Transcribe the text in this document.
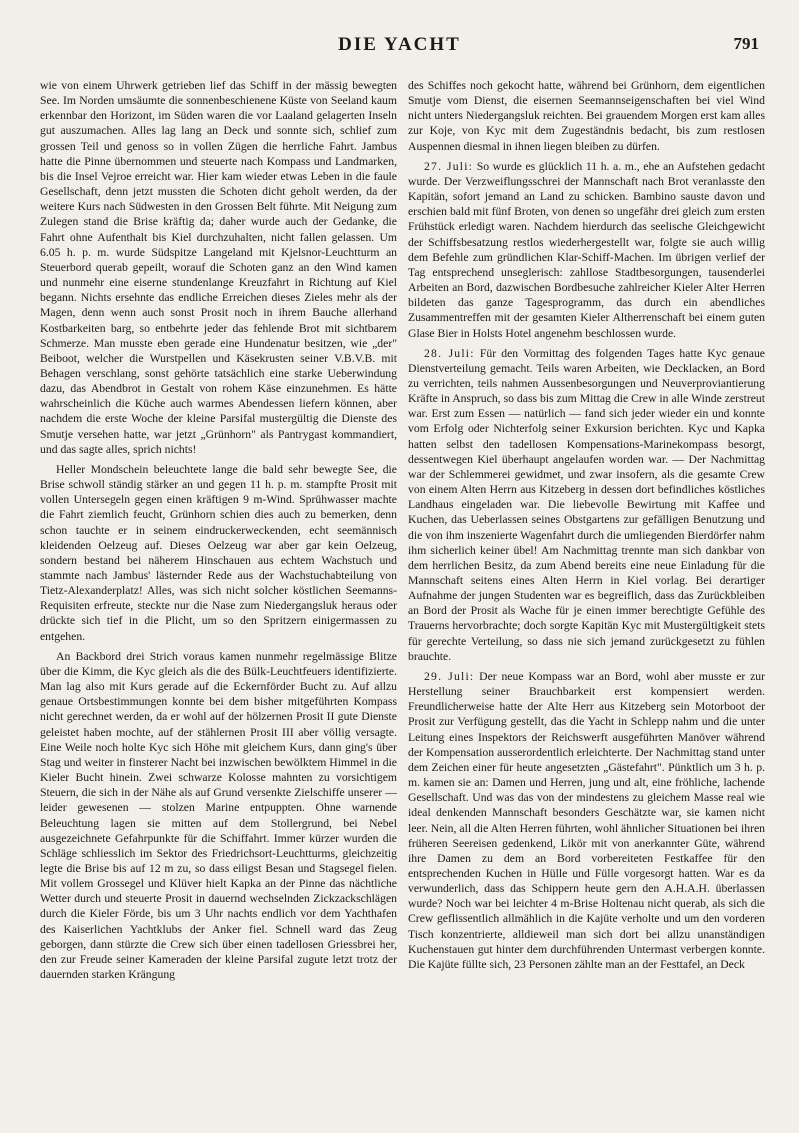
DIE YACHT	791

wie von einem Uhrwerk getrieben lief das Schiff in der mässig bewegten See. Im Norden umsäumte die sonnenbeschienene Küste von Seeland kaum erkennbar den Horizont, im Süden waren die vor Laaland gelagerten Inseln gut auszumachen. Alles lag lang an Deck und sonnte sich, schlief zum grossen Teil und genoss so in vollen Zügen die herrliche Fahrt. Jambus hatte die Pinne übernommen und steuerte nach Kompass und Landmarken, bis die Insel Vejroe erreicht war. Hier kam wieder etwas Leben in die faule Gesellschaft, denn jetzt mussten die Schoten dicht geholt werden, da der weitere Kurs nach Südwesten in den Grossen Belt führte. Mit Neigung zum Zulegen stand die Brise kräftig da; daher wurde auch der Gedanke, die Fahrt ohne Aufenthalt bis Kiel durchzuhalten, nicht fallen gelassen. Um 6.05 h. p. m. wurde Südspitze Langeland mit Kjelsnor-Leuchtturm an Steuerbord querab gepeilt, worauf die Schoten ganz an den Wind kamen und nunmehr eine eiserne stundenlange Kreuzfahrt in Richtung auf Kiel begann. Nichts ersehnte das endliche Erreichen dieses Zieles mehr als der Magen, denn wenn auch sonst Prosit noch in ihrem Bauche allerhand Kostbarkeiten barg, so entbehrte jeder das fehlende Brot mit sichtbarem Schmerze. Man musste eben gerade eine Hundenatur besitzen, wie „der" Beiboot, welcher die Wurstpellen und Käsekrusten seiner V.B.V.B. mit Behagen verschlang, sonst gehörte tatsächlich eine starke Ueberwindung dazu, das Abendbrot in Gestalt von rohem Käse einzunehmen. Es hätte wahrscheinlich die Küche auch warmes Abendessen liefern können, aber nachdem die erste Woche der kleine Parsifal mustergültig die Dienste des Smutje versehen hatte, war jetzt „Grünhorn" als Pantrygast kommandiert, und das sagte alles, sprich nichts!

Heller Mondschein beleuchtete lange die bald sehr bewegte See, die Brise schwoll ständig stärker an und gegen 11 h. p. m. stampfte Prosit mit vollen Untersegeln gegen einen kräftigen 9 m-Wind. Sprühwasser machte die Fahrt ziemlich feucht, Grünhorn schien dies auch zu bemerken, denn schon tauchte er in seinem eindruckerweckenden, echt seemännisch kleidenden Oelzeug auf. Dieses Oelzeug war aber gar kein Oelzeug, sondern bestand bei näherem Hinschauen aus echtem Wachstuch und stammte nach Jambus' lästernder Rede aus der Wachstuchabteilung von Tietz-Alexanderplatz! Alles, was sich nicht solcher köstlichen Seemanns-Requisiten erfreute, steckte nur die Nase zum Niedergangsluk heraus oder drückte sich tief in die Plicht, um so den Spritzern einigermassen zu entgehen.

An Backbord drei Strich voraus kamen nunmehr regelmässige Blitze über die Kimm, die Kyc gleich als die des Bülk-Leuchtfeuers identifizierte. Man lag also mit Kurs gerade auf die Eckernförder Bucht zu. Auf allzu genaue Ortsbestimmungen konnte bei dem bisher mitgeführten Kompass nicht gerechnet werden, da er wohl auf der hölzernen Prosit II gute Dienste geleistet haben mochte, auf der stählernen Prosit III aber völlig versagte. Eine Weile noch holte Kyc sich Höhe mit gleichem Kurs, dann ging's über Stag und weiter in finsterer Nacht bei inzwischen bewölktem Himmel in die Kieler Bucht hinein. Zwei schwarze Kolosse mahnten zu vorsichtigem Steuern, die sich in der Nähe als auf Grund versenkte Zielschiffe unserer — leider gewesenen — stolzen Marine entpuppten. Ohne warnende Beleuchtung lagen sie mitten auf dem Stollergrund, bei Nebel ausgezeichnete Gefahrpunkte für die Schiffahrt. Immer kürzer wurden die Schläge schliesslich im Sektor des Friedrichsort-Leuchtturms, gleichzeitig legte die Brise bis auf 12 m zu, so dass eiligst Besan und Stagsegel fielen. Mit vollem Grossegel und Klüver hielt Kapka an der Pinne das nächtliche Wetter durch und steuerte Prosit in dauernd wechselnden Zickzackschlägen durch die Kieler Förde, bis um 3 Uhr nachts endlich vor dem Yachthafen des Kaiserlichen Yachtklubs der Anker fiel. Schnell ward das Zeug geborgen, dann stürzte die Crew sich über einen tadellosen Griessbrei her, den zur Freude seiner Kameraden der kleine Parsifal zugute letzt trotz der dauernden starken Krängung

des Schiffes noch gekocht hatte, während bei Grünhorn, dem eigentlichen Smutje vom Dienst, die eisernen Seemannseigenschaften bei viel Wind nicht unters Niedergangsluk reichten. Bei grauendem Morgen erst kam alles zur Koje, von Kyc mit dem Zugeständnis bedacht, bis zum restlosen Auspennen diesmal in ihnen liegen bleiben zu dürfen.

27. Juli: So wurde es glücklich 11 h. a. m., ehe an Aufstehen gedacht wurde. Der Verzweiflungsschrei der Mannschaft nach Brot veranlasste den Kapitän, sofort jemand an Land zu schicken. Bambino sauste davon und erschien bald mit fünf Broten, von denen so ungefähr drei gleich zum ersten Frühstück erledigt waren. Nachdem hierdurch das seelische Gleichgewicht der Schiffsbesatzung restlos wiederhergestellt war, folgte sie auch willig dem Befehle zum gründlichen Klar-Schiff-Machen. Im übrigen verlief der Tag entsprechend unseglerisch: zahllose Stadtbesorgungen, tausenderlei Arbeiten an Bord, dazwischen Bordbesuche zahlreicher Kieler Alter Herren bildeten das ganze Tagesprogramm, das durch ein abendliches Zusammentreffen mit der gesamten Kieler Altherrenschaft bei einem guten Glase Bier in Holsts Hotel angenehm beschlossen wurde.

28. Juli: Für den Vormittag des folgenden Tages hatte Kyc genaue Dienstverteilung gemacht. Teils waren Arbeiten, wie Decklacken, an Bord zu verrichten, teils nahmen Aussenbesorgungen und Neuverproviantierung Kräfte in Anspruch, so dass bis zum Mittag die Crew in alle Winde zerstreut war. Erst zum Essen — natürlich — fand sich jeder wieder ein und konnte vom Erfolg oder Nichterfolg seiner Exkursion berichten. Kyc und Kapka hatten selbst den tadellosen Kompensations-Marinekompass besorgt, dessentwegen Kiel überhaupt angelaufen worden war. — Der Nachmittag war der Schlemmerei gewidmet, und zwar insofern, als die gesamte Crew von einem Alten Herrn aus Kitzeberg in dessen dort befindliches köstliches Landhaus eingeladen war. Die liebevolle Bewirtung mit Kaffee und Kuchen, das Ueberlassen seines Obstgartens zur gefälligen Benutzung und die von ihm inszenierte Wagenfahrt durch die umliegenden Bierdörfer nahm ihm sicherlich keiner übel! Am Nachmittag trennte man sich dankbar von dem herrlichen Besitz, da zum Abend bereits eine neue Einladung für die Mannschaft seitens eines Alten Herrn in Kiel vorlag. Bei derartiger Aufnahme der jungen Studenten war es begreiflich, dass das Zurückbleiben an Bord der Prosit als Wache für je einen immer berechtigte Gefühle des Trauerns hervorbrachte; doch sorgte Kapitän Kyc mit Mustergültigkeit stets für gerechte Verteilung, so dass nie sich jemand zurückgesetzt zu fühlen brauchte.

29. Juli: Der neue Kompass war an Bord, wohl aber musste er zur Herstellung seiner Brauchbarkeit erst kompensiert werden. Freundlicherweise hatte der Alte Herr aus Kitzeberg sein Motorboot der Prosit zur Verfügung gestellt, das die Yacht in Schlepp nahm und die unter Leitung eines Inspektors der Reichswerft ausgeführten Manöver während der Kompensation ausserordentlich erleichterte. Der Nachmittag stand unter dem Zeichen einer für heute angesetzten „Gästefahrt". Pünktlich um 3 h. p. m. kamen sie an: Damen und Herren, jung und alt, eine fröhliche, lachende Gesellschaft. Und was das von der mindestens zu gleichem Masse real wie ideal denkenden Mannschaft besonders Geschätzte war, sie kamen nicht leer. Nein, all die Alten Herren führten, wohl ähnlicher Situationen bei ihren früheren Seereisen gedenkend, Likör mit von anerkannter Güte, während ihre Damen zu dem an Bord vorbereiteten Festkaffee für den entsprechenden Kuchen in Hülle und Fülle vorgesorgt hatten. War es da verwunderlich, dass das Schippern heute gern den A.H.A.H. überlassen wurde? Noch war bei leichter 4 m-Brise Holtenau nicht querab, als sich die Crew geflissentlich allmählich in die Kajüte verholte und um den vorderen Tisch konzentrierte, alldieweil man sich dort bei allzu unanständigen Kuchenstauen gut hinter dem durchführenden Untermast verbergen konnte. Die Kajüte füllte sich, 23 Personen zählte man an der Festtafel, an Deck
